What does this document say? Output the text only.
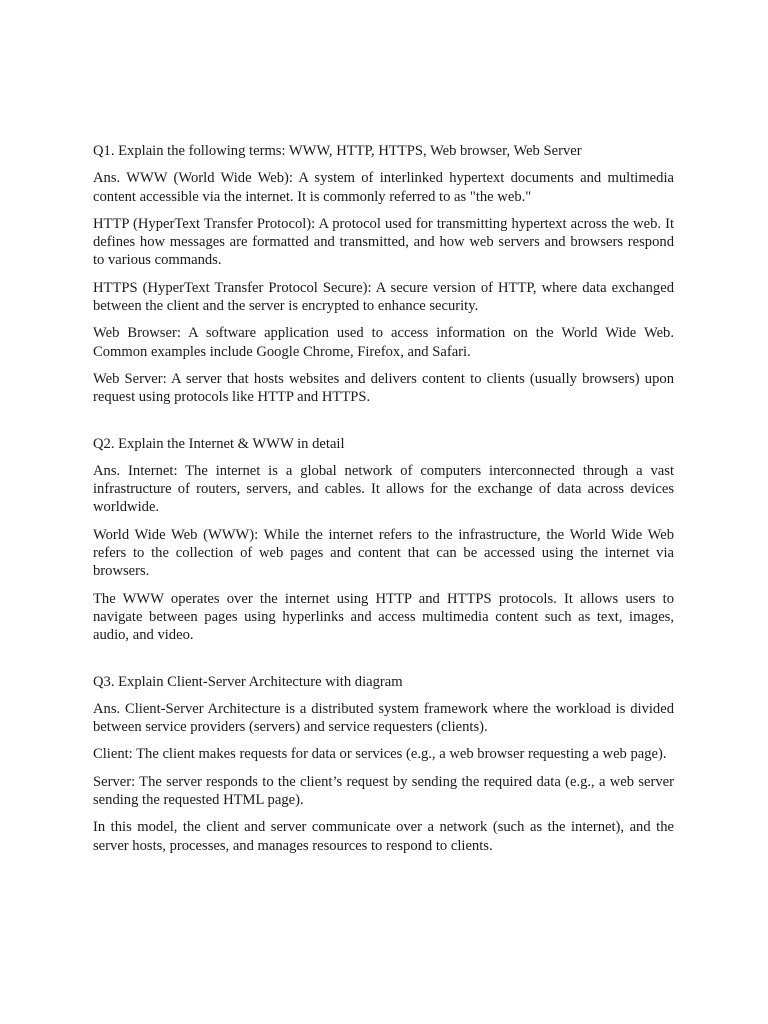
Q1. Explain the following terms: WWW, HTTP, HTTPS, Web browser, Web Server

Ans. WWW (World Wide Web): A system of interlinked hypertext documents and multimedia content accessible via the internet. It is commonly referred to as "the web."

HTTP (HyperText Transfer Protocol): A protocol used for transmitting hypertext across the web. It defines how messages are formatted and transmitted, and how web servers and browsers respond to various commands.

HTTPS (HyperText Transfer Protocol Secure): A secure version of HTTP, where data exchanged between the client and the server is encrypted to enhance security.

Web Browser: A software application used to access information on the World Wide Web. Common examples include Google Chrome, Firefox, and Safari.

Web Server: A server that hosts websites and delivers content to clients (usually browsers) upon request using protocols like HTTP and HTTPS.

Q2. Explain the Internet & WWW in detail

Ans. Internet: The internet is a global network of computers interconnected through a vast infrastructure of routers, servers, and cables. It allows for the exchange of data across devices worldwide.

World Wide Web (WWW): While the internet refers to the infrastructure, the World Wide Web refers to the collection of web pages and content that can be accessed using the internet via browsers.

The WWW operates over the internet using HTTP and HTTPS protocols. It allows users to navigate between pages using hyperlinks and access multimedia content such as text, images, audio, and video.

Q3. Explain Client-Server Architecture with diagram

Ans. Client-Server Architecture is a distributed system framework where the workload is divided between service providers (servers) and service requesters (clients).

Client: The client makes requests for data or services (e.g., a web browser requesting a web page).

Server: The server responds to the client’s request by sending the required data (e.g., a web server sending the requested HTML page).

In this model, the client and server communicate over a network (such as the internet), and the server hosts, processes, and manages resources to respond to clients.
